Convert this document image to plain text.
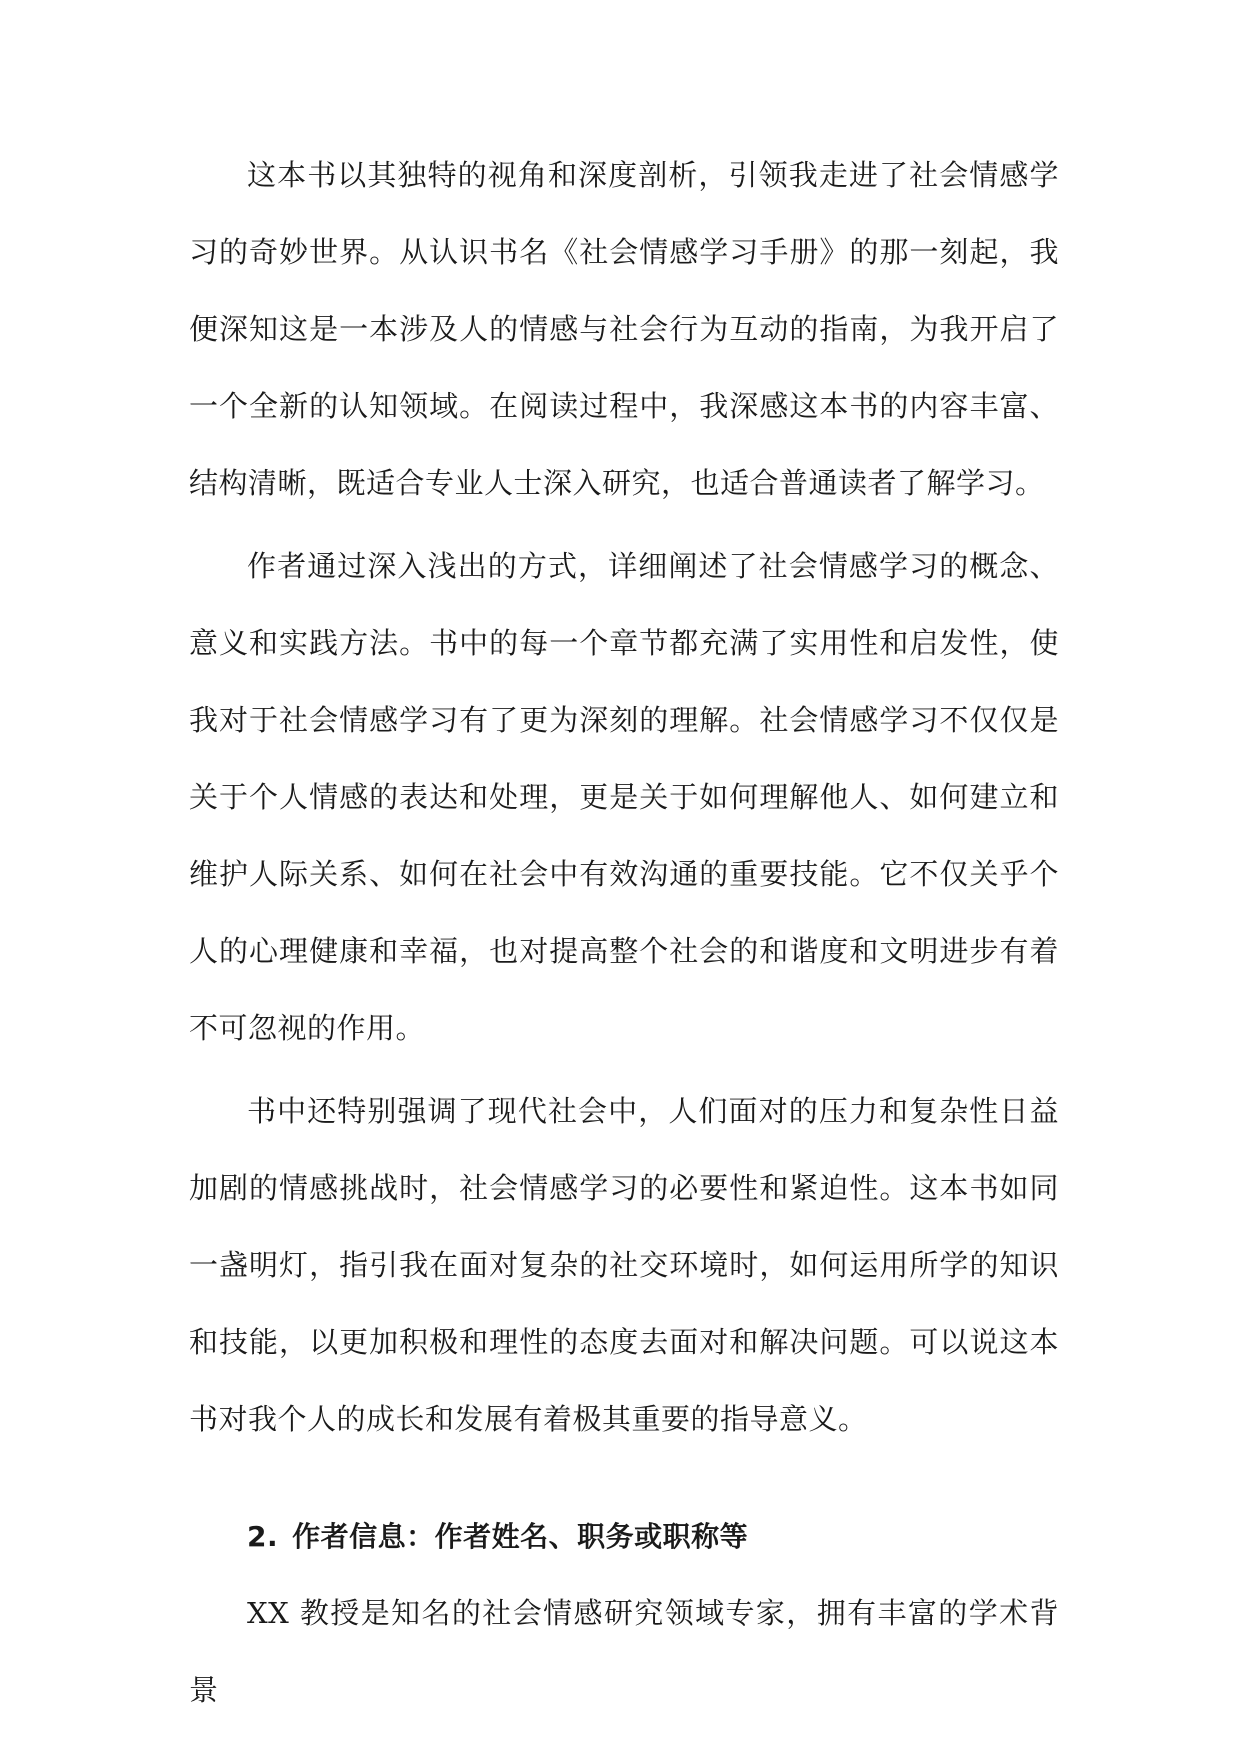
这本书以其独特的视角和深度剖析，引领我走进了社会情感学习的奇妙世界。从认识书名《社会情感学习手册》的那一刻起，我便深知这是一本涉及人的情感与社会行为互动的指南，为我开启了一个全新的认知领域。在阅读过程中，我深感这本书的内容丰富、结构清晰，既适合专业人士深入研究，也适合普通读者了解学习。

作者通过深入浅出的方式，详细阐述了社会情感学习的概念、意义和实践方法。书中的每一个章节都充满了实用性和启发性，使我对于社会情感学习有了更为深刻的理解。社会情感学习不仅仅是关于个人情感的表达和处理，更是关于如何理解他人、如何建立和维护人际关系、如何在社会中有效沟通的重要技能。它不仅关乎个人的心理健康和幸福，也对提高整个社会的和谐度和文明进步有着不可忽视的作用。

书中还特别强调了现代社会中，人们面对的压力和复杂性日益加剧的情感挑战时，社会情感学习的必要性和紧迫性。这本书如同一盏明灯，指引我在面对复杂的社交环境时，如何运用所学的知识和技能，以更加积极和理性的态度去面对和解决问题。可以说这本书对我个人的成长和发展有着极其重要的指导意义。

2. 作者信息：作者姓名、职务或职称等

XX 教授是知名的社会情感研究领域专家，拥有丰富的学术背景
